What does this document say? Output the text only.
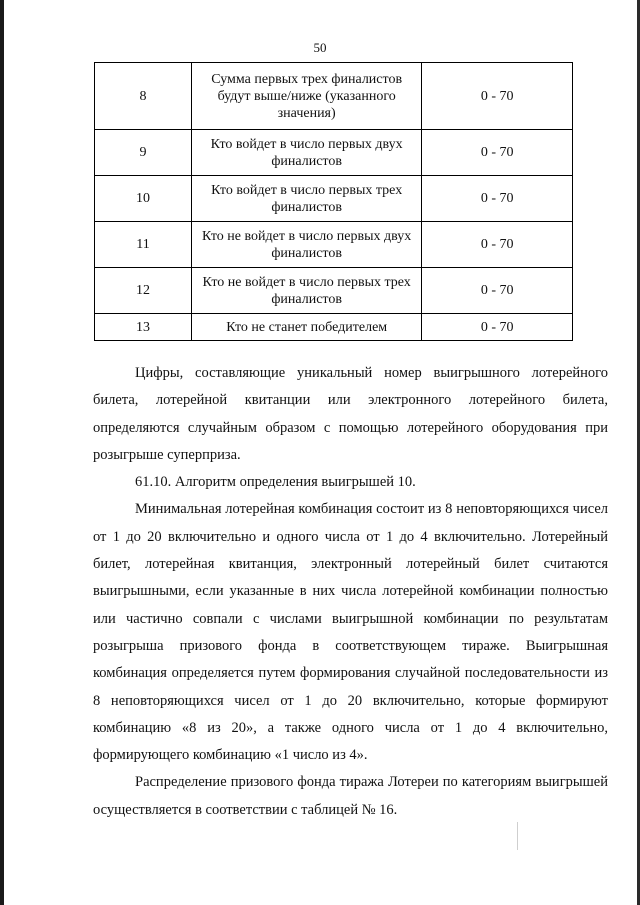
50
8	Сумма первых трех финалистов будут выше/ниже (указанного значения)	0 - 70
9	Кто войдет в число первых двух финалистов	0 - 70
10	Кто войдет в число первых трех финалистов	0 - 70
11	Кто не войдет в число первых двух финалистов	0 - 70
12	Кто не войдет в число первых трех финалистов	0 - 70
13	Кто не станет победителем	0 - 70

Цифры, составляющие уникальный номер выигрышного лотерейного билета, лотерейной квитанции или электронного лотерейного билета, определяются случайным образом с помощью лотерейного оборудования при розыгрыше суперприза.

61.10. Алгоритм определения выигрышей 10.

Минимальная лотерейная комбинация состоит из 8 неповторяющихся чисел от 1 до 20 включительно и одного числа от 1 до 4 включительно. Лотерейный билет, лотерейная квитанция, электронный лотерейный билет считаются выигрышными, если указанные в них числа лотерейной комбинации полностью или частично совпали с числами выигрышной комбинации по результатам розыгрыша призового фонда в соответствующем тираже. Выигрышная комбинация определяется путем формирования случайной последовательности из 8 неповторяющихся чисел от 1 до 20 включительно, которые формируют комбинацию «8 из 20», а также одного числа от 1 до 4 включительно, формирующего комбинацию «1 число из 4».

Распределение призового фонда тиража Лотереи по категориям выигрышей осуществляется в соответствии с таблицей № 16.
